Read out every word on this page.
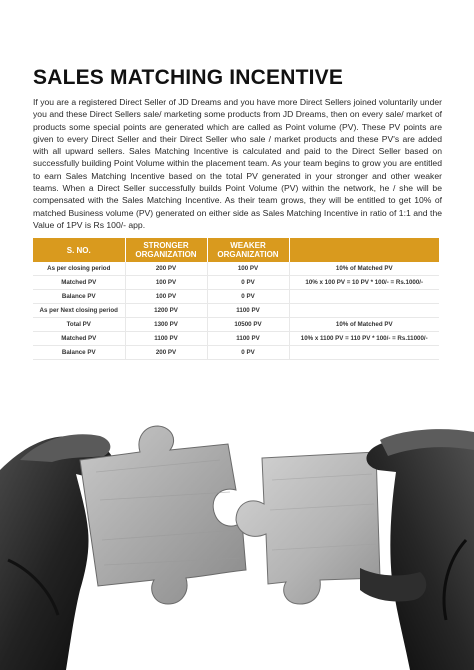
SALES MATCHING INCENTIVE
If you are a registered Direct Seller of JD Dreams and you have more Direct Sellers joined voluntarily under you and these Direct Sellers sale/ marketing some products from JD Dreams, then on every sale/ market of products some special points are generated which are called as Point volume (PV). These PV points are given to every Direct Seller and their Direct Seller who sale / market products and these PV's are added with all upward sellers. Sales Matching Incentive is calculated and paid to the Direct Seller based on successfully building Point Volume within the placement team. As your team begins to grow you are entitled to earn Sales Matching Incentive based on the total PV generated in your stronger and other weaker teams. When a Direct Seller successfully builds Point Volume (PV) within the network, he / she will be compensated with the Sales Matching Incentive. As their team grows, they will be entitled to get 10% of matched Business volume (PV) generated on either side as Sales Matching Incentive in ratio of 1:1 and the Value of 1PV is Rs 100/- app.
S. NO.	STRONGER ORGANIZATION	WEAKER ORGANIZATION	
As per closing period	200 PV	100 PV	10% of Matched PV
Matched PV	100 PV	0 PV	10% x 100 PV = 10 PV * 100/- = Rs.1000/-
Balance PV	100 PV	0 PV	
As per Next closing period	1200 PV	1100 PV	
Total PV	1300 PV	10500 PV	10% of Matched PV
Matched PV	1100 PV	1100 PV	10% x 1100 PV = 110 PV * 100/- = Rs.11000/-
Balance PV	200 PV	0 PV	
